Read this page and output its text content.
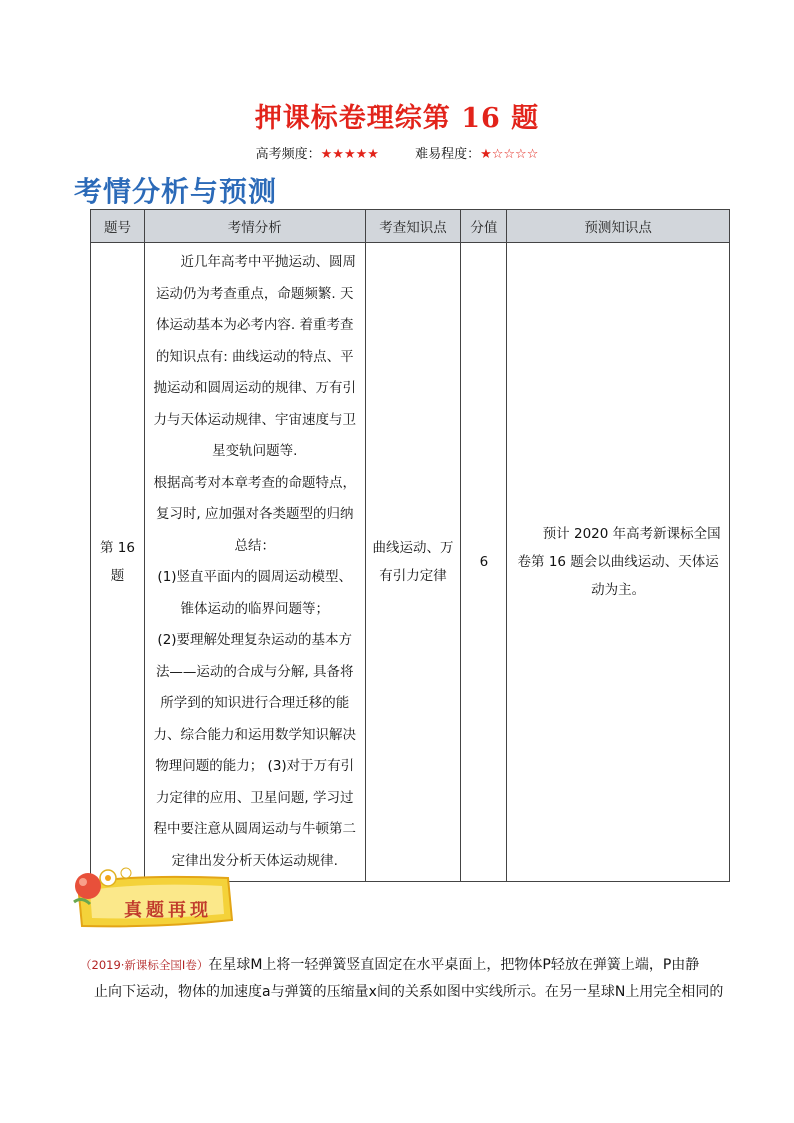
押课标卷理综第 16 题
高考频度：★★★★★	难易程度：★☆☆☆☆
考情分析与预测
题号	考情分析	考查知识点	分值	预测知识点
第 16 题	近几年高考中平抛运动、圆周运动仍为考查重点，命题频繁. 天体运动基本为必考内容. 着重考查的知识点有: 曲线运动的特点、平抛运动和圆周运动的规律、万有引力与天体运动规律、宇宙速度与卫星变轨问题等.

根据高考对本章考查的命题特点，复习时, 应加强对各类题型的归纳总结：

(1)竖直平面内的圆周运动模型、锥体运动的临界问题等；

(2)要理解处理复杂运动的基本方法——运动的合成与分解, 具备将所学到的知识进行合理迁移的能力、综合能力和运用数学知识解决物理问题的能力； (3)对于万有引力定律的应用、卫星问题, 学习过程中要注意从圆周运动与牛顿第二定律出发分析天体运动规律.	曲线运动、万有引力定律	6	预计 2020 年高考新课标全国卷第 16 题会以曲线运动、天体运动为主。
真题再现
（2019·新课标全国Ⅰ卷）在星球M上将一轻弹簧竖直固定在水平桌面上，把物体P轻放在弹簧上端，P由静
止向下运动，物体的加速度a与弹簧的压缩量x间的关系如图中实线所示。在另一星球N上用完全相同的
